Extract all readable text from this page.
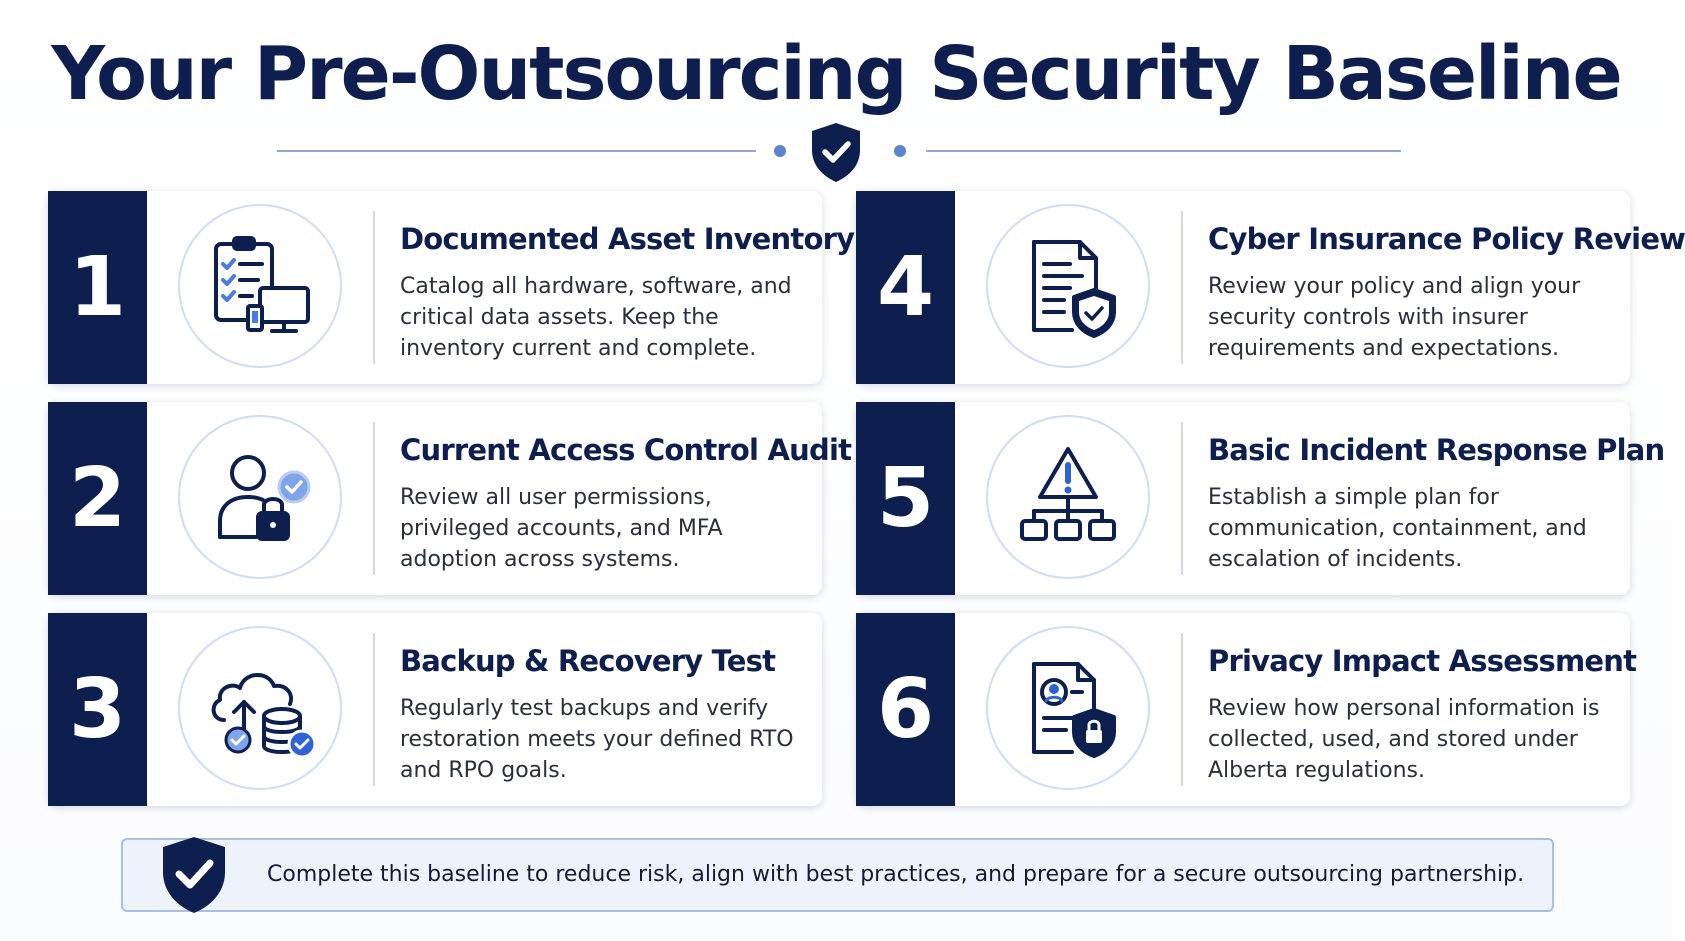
Your Pre-Outsourcing Security Baseline
1
Documented Asset Inventory
Catalog all hardware, software, and critical data assets. Keep the inventory current and complete.
2
Current Access Control Audit
Review all user permissions, privileged accounts, and MFA adoption across systems.
3
Backup & Recovery Test
Regularly test backups and verify restoration meets your defined RTO and RPO goals.
4
Cyber Insurance Policy Review
Review your policy and align your security controls with insurer requirements and expectations.
5
Basic Incident Response Plan
Establish a simple plan for communication, containment, and escalation of incidents.
6
Privacy Impact Assessment
Review how personal information is collected, used, and stored under Alberta regulations.
Complete this baseline to reduce risk, align with best practices, and prepare for a secure outsourcing partnership.
